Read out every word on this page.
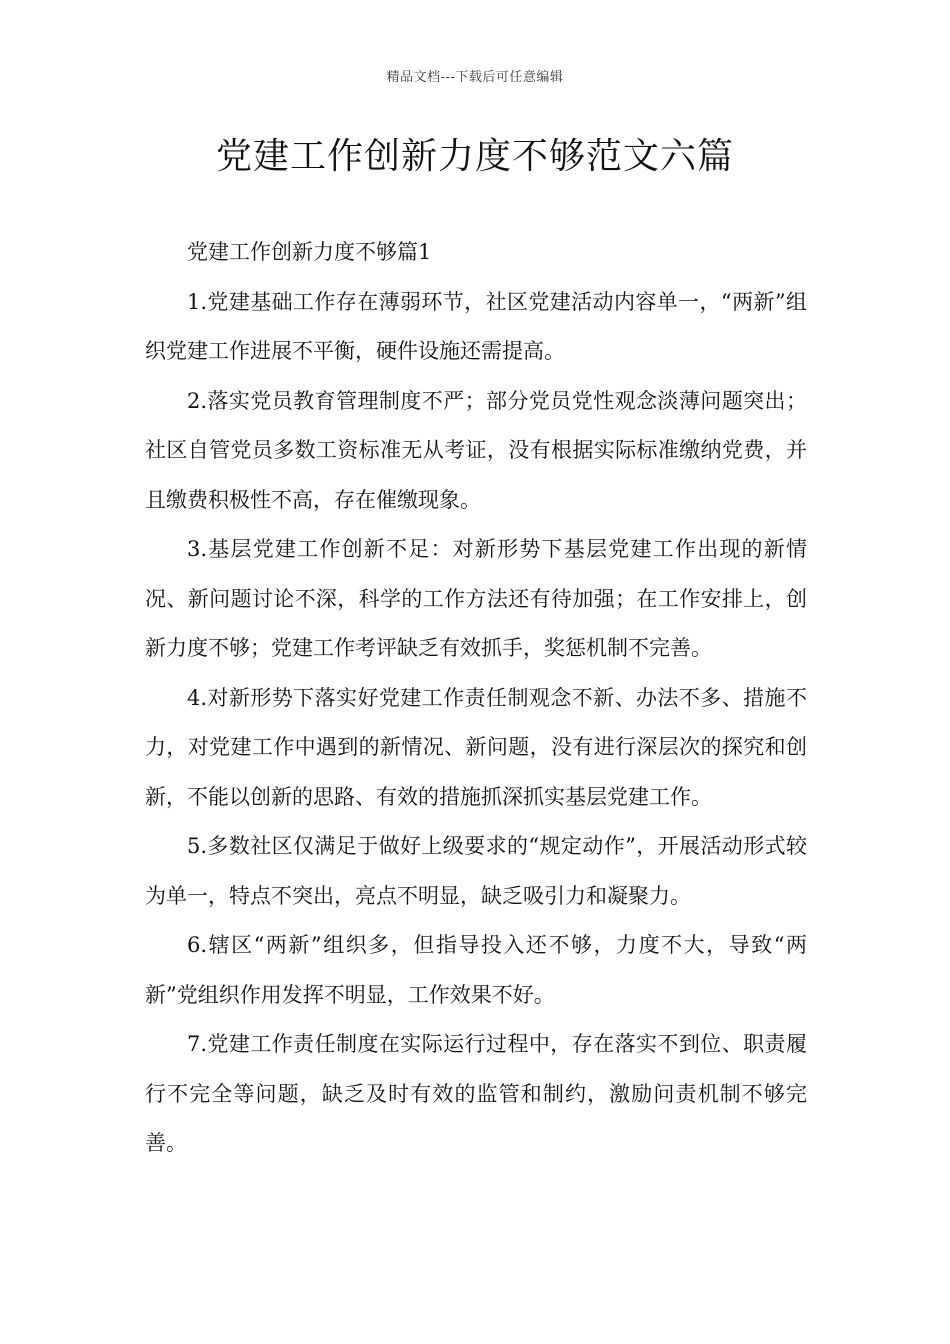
精品文档---下载后可任意编辑
党建工作创新力度不够范文六篇

党建工作创新力度不够篇1

1.党建基础工作存在薄弱环节，社区党建活动内容单一，“两新”组织党建工作进展不平衡，硬件设施还需提高。

2.落实党员教育管理制度不严；部分党员党性观念淡薄问题突出；社区自管党员多数工资标准无从考证，没有根据实际标准缴纳党费，并且缴费积极性不高，存在催缴现象。

3.基层党建工作创新不足：对新形势下基层党建工作出现的新情况、新问题讨论不深，科学的工作方法还有待加强；在工作安排上，创新力度不够；党建工作考评缺乏有效抓手，奖惩机制不完善。

4.对新形势下落实好党建工作责任制观念不新、办法不多、措施不力，对党建工作中遇到的新情况、新问题，没有进行深层次的探究和创新，不能以创新的思路、有效的措施抓深抓实基层党建工作。

5.多数社区仅满足于做好上级要求的“规定动作”，开展活动形式较为单一，特点不突出，亮点不明显，缺乏吸引力和凝聚力。

6.辖区“两新”组织多，但指导投入还不够，力度不大，导致“两新”党组织作用发挥不明显，工作效果不好。

7.党建工作责任制度在实际运行过程中，存在落实不到位、职责履行不完全等问题，缺乏及时有效的监管和制约，激励问责机制不够完善。
